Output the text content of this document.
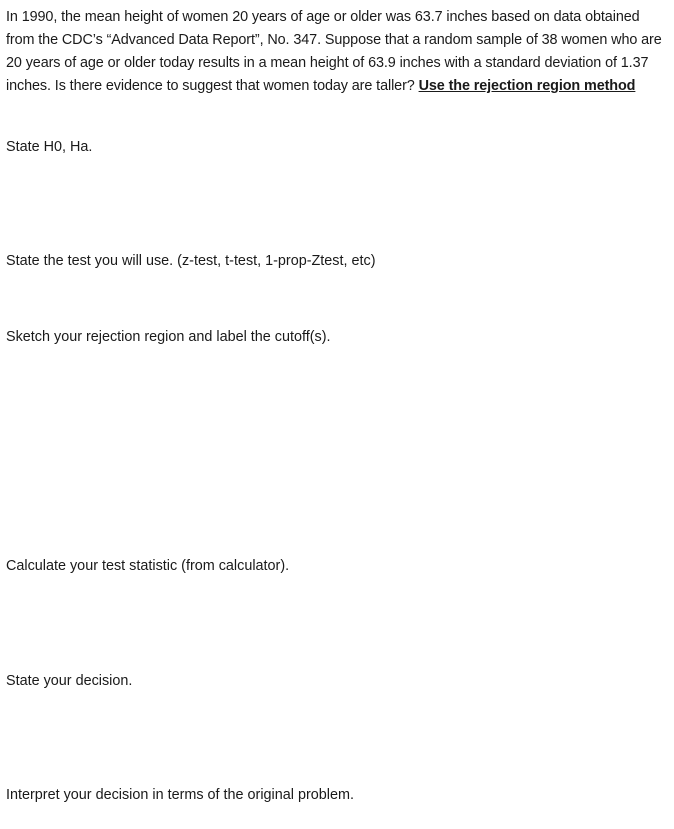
In 1990, the mean height of women 20 years of age or older was 63.7 inches based on data obtained from the CDC’s “Advanced Data Report”, No. 347. Suppose that a random sample of 38 women who are 20 years of age or older today results in a mean height of 63.9 inches with a standard deviation of 1.37 inches. Is there evidence to suggest that women today are taller? Use the rejection region method

State H0, Ha.

State the test you will use. (z-test, t-test, 1-prop-Ztest, etc)

Sketch your rejection region and label the cutoff(s).

Calculate your test statistic (from calculator).

State your decision.

Interpret your decision in terms of the original problem.
